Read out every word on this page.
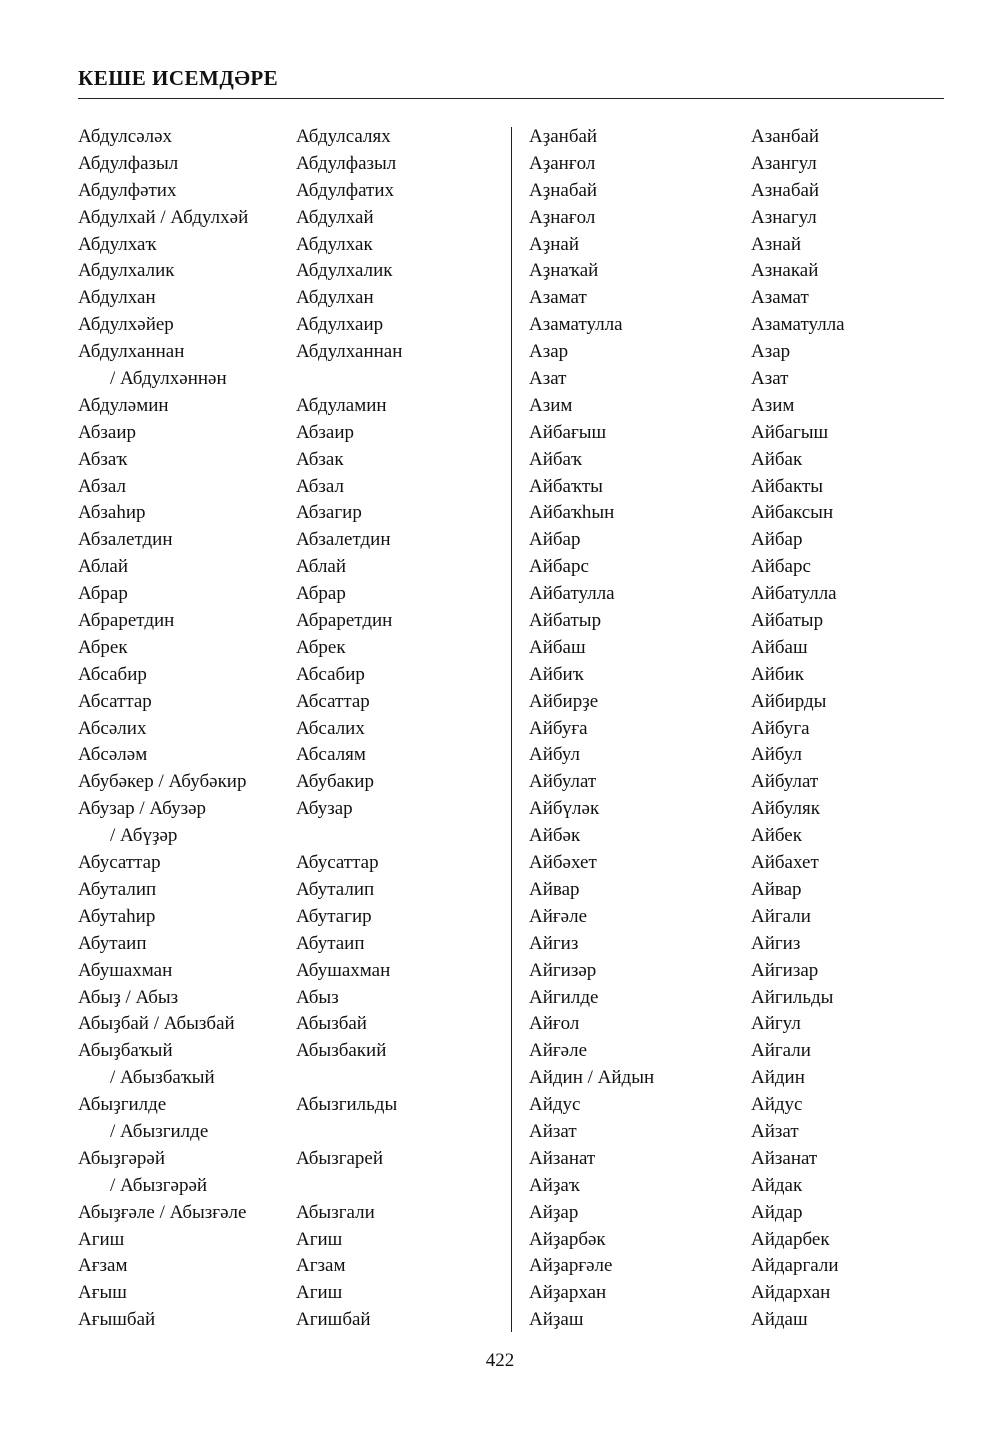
КЕШЕ ИСЕМДӘРЕ
Абдулсәләх
Абдулфазыл
Абдулфәтих
Абдулхай / Абдулхәй
Абдулхаҡ
Абдулхалик
Абдулхан
Абдулхәйер
Абдулханнан
/ Абдулхәннән
Абдуләмин
Абзаир
Абзаҡ
Абзал
Абзаһир
Абзалетдин
Аблай
Абрар
Абраретдин
Абрек
Абсабир
Абсаттар
Абсәлих
Абсәләм
Абубәкер / Абубәкир
Абузар / Абузәр
/ Абүҙәр
Абусаттар
Абуталип
Абутаһир
Абутаип
Абушахман
Абыҙ / Абыз
Абыҙбай / Абызбай
Абыҙбаҡый
/ Абызбаҡый
Абыҙгилде
/ Абызгилде
Абыҙгәрәй
/ Абызгәрәй
Абыҙғәле / Абызғәле
Агиш
Ағзам
Ағыш
Ағышбай
Абдулсалях
Абдулфазыл
Абдулфатих
Абдулхай
Абдулхак
Абдулхалик
Абдулхан
Абдулхаир
Абдулханнан
Абдуламин
Абзаир
Абзак
Абзал
Абзагир
Абзалетдин
Аблай
Абрар
Абраретдин
Абрек
Абсабир
Абсаттар
Абсалих
Абсалям
Абубакир
Абузар
Абусаттар
Абуталип
Абутагир
Абутаип
Абушахман
Абыз
Абызбай
Абызбакий
Абызгильды
Абызгарей
Абызгали
Агиш
Агзам
Агиш
Агишбай
Аҙанбай
Аҙанғол
Аҙнабай
Аҙнағол
Аҙнай
Аҙнаҡай
Азамат
Азаматулла
Азар
Азат
Азим
Айбағыш
Айбаҡ
Айбаҡты
Айбаҡһын
Айбар
Айбарс
Айбатулла
Айбатыр
Айбаш
Айбиҡ
Айбирҙе
Айбуға
Айбул
Айбулат
Айбүләк
Айбәк
Айбәхет
Айвар
Айғәле
Айгиз
Айгизәр
Айгилде
Айғол
Айғәле
Айдин / Айдын
Айдус
Айзат
Айзанат
Айҙаҡ
Айҙар
Айҙарбәк
Айҙарғәле
Айҙархан
Айҙаш
Азанбай
Азангул
Азнабай
Азнагул
Азнай
Азнакай
Азамат
Азаматулла
Азар
Азат
Азим
Айбагыш
Айбак
Айбакты
Айбаксын
Айбар
Айбарс
Айбатулла
Айбатыр
Айбаш
Айбик
Айбирды
Айбуга
Айбул
Айбулат
Айбуляк
Айбек
Айбахет
Айвар
Айгали
Айгиз
Айгизар
Айгильды
Айгул
Айгали
Айдин
Айдус
Айзат
Айзанат
Айдак
Айдар
Айдарбек
Айдаргали
Айдархан
Айдаш
422
